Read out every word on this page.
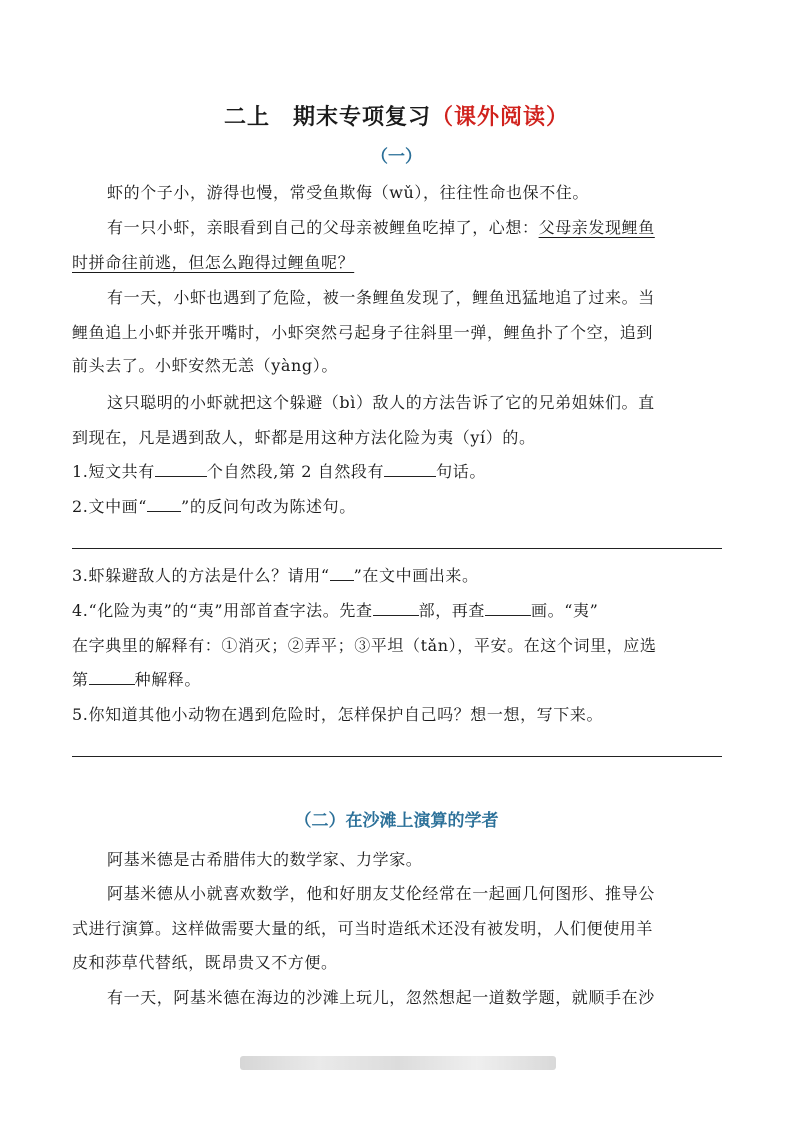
二上　期末专项复习（课外阅读）
（一）
虾的个子小，游得也慢，常受鱼欺侮（wǔ），往往性命也保不住。
有一只小虾，亲眼看到自己的父母亲被鲤鱼吃掉了，心想：父母亲发现鲤鱼
时拼命往前逃，但怎么跑得过鲤鱼呢？
有一天，小虾也遇到了危险，被一条鲤鱼发现了，鲤鱼迅猛地追了过来。当
鲤鱼追上小虾并张开嘴时，小虾突然弓起身子往斜里一弹，鲤鱼扑了个空，追到
前头去了。小虾安然无恙（yàng）。
这只聪明的小虾就把这个躲避（bì）敌人的方法告诉了它的兄弟姐妹们。直
到现在，凡是遇到敌人，虾都是用这种方法化险为夷（yí）的。
1.短文共有	个自然段,第 2 自然段有	句话。
2.文中画“ ”的反问句改为陈述句。
3.虾躲避敌人的方法是什么？请用“ ”在文中画出来。
4.“化险为夷”的“夷”用部首查字法。先查	部，再查	画。“夷”
在字典里的解释有：①消灭；②弄平；③平坦（tǎn），平安。在这个词里，应选
第	种解释。
5.你知道其他小动物在遇到危险时，怎样保护自己吗？想一想，写下来。
（二）在沙滩上演算的学者
阿基米德是古希腊伟大的数学家、力学家。
阿基米德从小就喜欢数学，他和好朋友艾伦经常在一起画几何图形、推导公
式进行演算。这样做需要大量的纸，可当时造纸术还没有被发明，人们便使用羊
皮和莎草代替纸，既昂贵又不方便。
有一天，阿基米德在海边的沙滩上玩儿，忽然想起一道数学题，就顺手在沙
